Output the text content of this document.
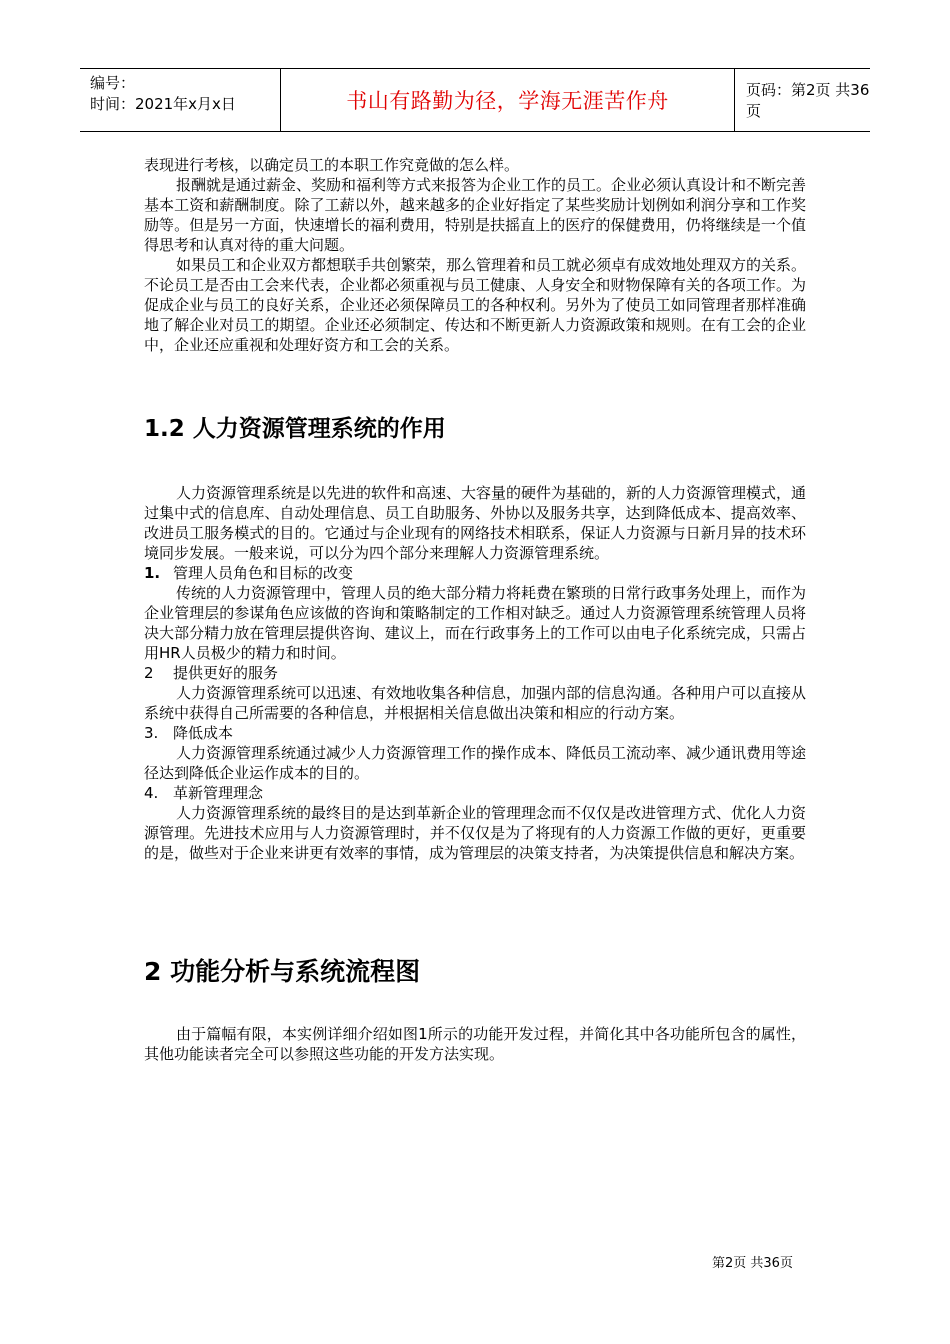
编号：
时间：2021年x月x日	书山有路勤为径，学海无涯苦作舟	页码：第2页 共36页

表现进行考核，以确定员工的本职工作究竟做的怎么样。

报酬就是通过薪金、奖励和福利等方式来报答为企业工作的员工。企业必须认真设计和不断完善基本工资和薪酬制度。除了工薪以外，越来越多的企业好指定了某些奖励计划例如利润分享和工作奖励等。但是另一方面，快速增长的福利费用，特别是扶摇直上的医疗的保健费用，仍将继续是一个值得思考和认真对待的重大问题。

如果员工和企业双方都想联手共创繁荣，那么管理着和员工就必须卓有成效地处理双方的关系。不论员工是否由工会来代表，企业都必须重视与员工健康、人身安全和财物保障有关的各项工作。为促成企业与员工的良好关系，企业还必须保障员工的各种权利。另外为了使员工如同管理者那样准确地了解企业对员工的期望。企业还必须制定、传达和不断更新人力资源政策和规则。在有工会的企业中，企业还应重视和处理好资方和工会的关系。

1.2 人力资源管理系统的作用

人力资源管理系统是以先进的软件和高速、大容量的硬件为基础的，新的人力资源管理模式，通过集中式的信息库、自动处理信息、员工自助服务、外协以及服务共享，达到降低成本、提高效率、改进员工服务模式的目的。它通过与企业现有的网络技术相联系，保证人力资源与日新月异的技术环境同步发展。一般来说，可以分为四个部分来理解人力资源管理系统。

1. 管理人员角色和目标的改变

传统的人力资源管理中，管理人员的绝大部分精力将耗费在繁琐的日常行政事务处理上，而作为企业管理层的参谋角色应该做的咨询和策略制定的工作相对缺乏。通过人力资源管理系统管理人员将决大部分精力放在管理层提供咨询、建议上，而在行政事务上的工作可以由电子化系统完成，只需占用HR人员极少的精力和时间。

2 提供更好的服务

人力资源管理系统可以迅速、有效地收集各种信息，加强内部的信息沟通。各种用户可以直接从系统中获得自己所需要的各种信息，并根据相关信息做出决策和相应的行动方案。

3. 降低成本

人力资源管理系统通过减少人力资源管理工作的操作成本、降低员工流动率、减少通讯费用等途径达到降低企业运作成本的目的。

4. 革新管理理念

人力资源管理系统的最终目的是达到革新企业的管理理念而不仅仅是改进管理方式、优化人力资源管理。先进技术应用与人力资源管理时，并不仅仅是为了将现有的人力资源工作做的更好，更重要的是，做些对于企业来讲更有效率的事情，成为管理层的决策支持者，为决策提供信息和解决方案。

2 功能分析与系统流程图

由于篇幅有限，本实例详细介绍如图1所示的功能开发过程，并简化其中各功能所包含的属性，其他功能读者完全可以参照这些功能的开发方法实现。

第2页 共36页
